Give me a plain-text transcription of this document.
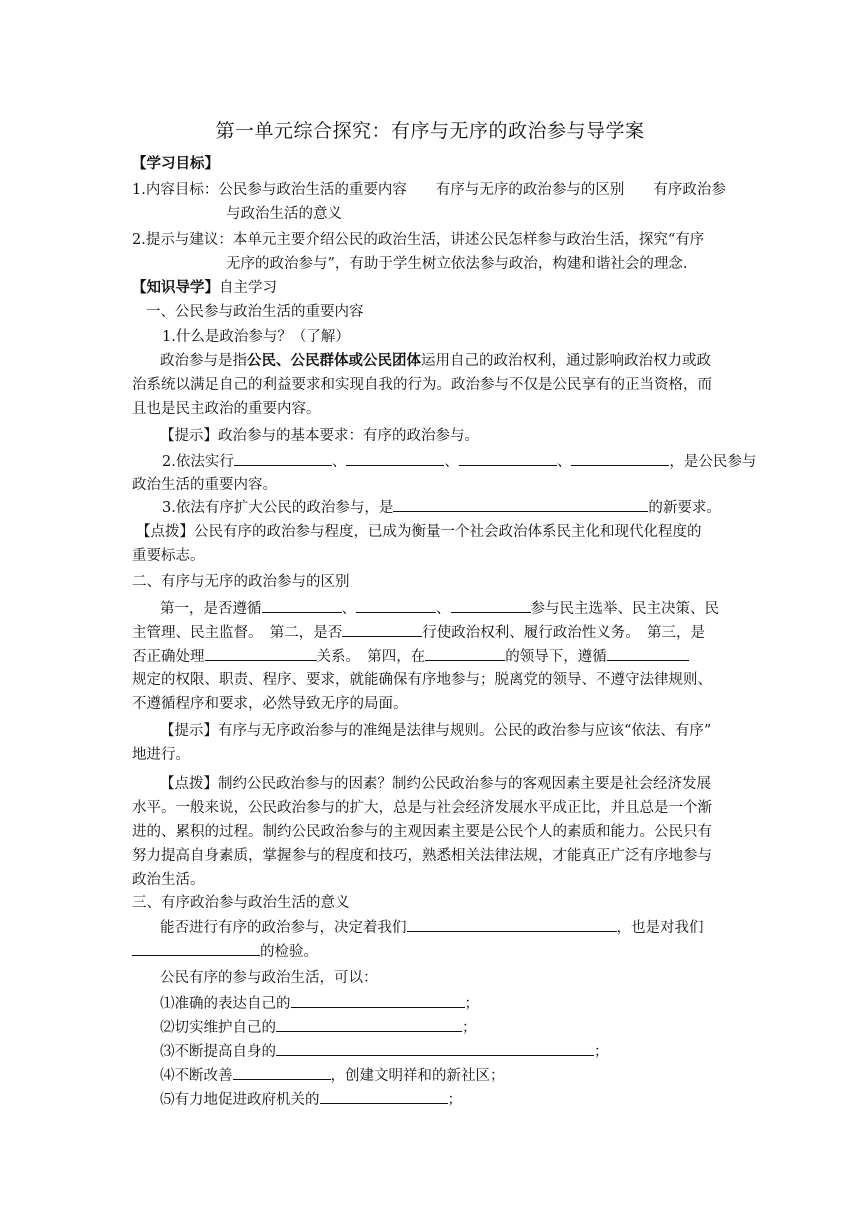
第一单元综合探究：有序与无序的政治参与导学案
【学习目标】
1.内容目标：公民参与政治生活的重要内容　　有序与无序的政治参与的区别　　有序政治参
与政治生活的意义
2.提示与建议：本单元主要介绍公民的政治生活，讲述公民怎样参与政治生活，探究“有序
无序的政治参与”，有助于学生树立依法参与政治，构建和谐社会的理念.
【知识导学】自主学习
一、公民参与政治生活的重要内容
1.什么是政治参与？（了解）
政治参与是指公民、公民群体或公民团体运用自己的政治权利，通过影响政治权力或政
治系统以满足自己的利益要求和实现自我的行为。政治参与不仅是公民享有的正当资格，而
且也是民主政治的重要内容。
【提示】政治参与的基本要求：有序的政治参与。
2.依法实行	、	、	、	，是公民参与
政治生活的重要内容。
3.依法有序扩大公民的政治参与，是	的新要求。
【点拨】公民有序的政治参与程度，已成为衡量一个社会政治体系民主化和现代化程度的
重要标志。
二、有序与无序的政治参与的区别
第一，是否遵循	、	、	参与民主选举、民主决策、民
主管理、民主监督。　第二，是否	行使政治权利、履行政治性义务。　第三，是
否正确处理	关系。　第四，在	的领导下，遵循
规定的权限、职责、程序、要求，就能确保有序地参与；脱离党的领导、不遵守法律规则、
不遵循程序和要求，必然导致无序的局面。
【提示】有序与无序政治参与的准绳是法律与规则。公民的政治参与应该“依法、有序”
地进行。
【点拨】制约公民政治参与的因素？制约公民政治参与的客观因素主要是社会经济发展
水平。一般来说，公民政治参与的扩大，总是与社会经济发展水平成正比，并且总是一个渐
进的、累积的过程。制约公民政治参与的主观因素主要是公民个人的素质和能力。公民只有
努力提高自身素质，掌握参与的程度和技巧，熟悉相关法律法规，才能真正广泛有序地参与
政治生活。
三、有序政治参与政治生活的意义
能否进行有序的政治参与，决定着我们	，也是对我们
的检验。
公民有序的参与政治生活，可以：
⑴准确的表达自己的	；
⑵切实维护自己的	；
⑶不断提高自身的	；
⑷不断改善	，创建文明祥和的新社区；
⑸有力地促进政府机关的	；
